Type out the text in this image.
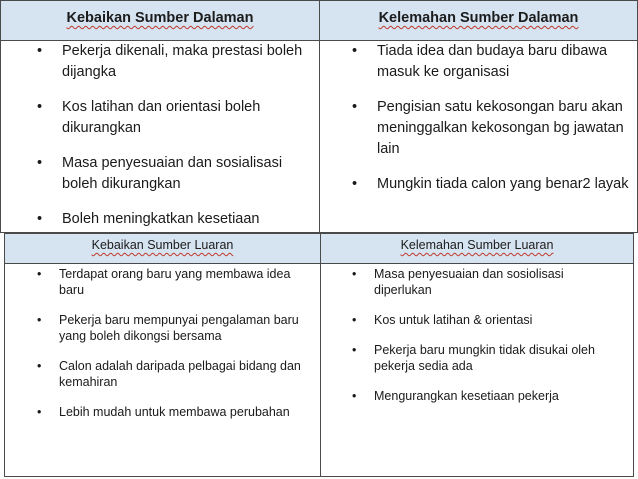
Kebaikan Sumber Dalaman	Kelemahan Sumber Dalaman
• Pekerja dikenali, maka prestasi boleh dijangka
• Kos latihan dan orientasi boleh dikurangkan
• Masa penyesuaian dan sosialisasi boleh dikurangkan
• Boleh meningkatkan kesetiaan
• Tiada idea dan budaya baru dibawa masuk ke organisasi
• Pengisian satu kekosongan baru akan meninggalkan kekosongan bg jawatan lain
• Mungkin tiada calon yang benar2 layak
Kebaikan Sumber Luaran	Kelemahan Sumber Luaran
• Terdapat orang baru yang membawa idea baru
• Pekerja baru mempunyai pengalaman baru yang boleh dikongsi bersama
• Calon adalah daripada pelbagai bidang dan kemahiran
• Lebih mudah untuk membawa perubahan
• Masa penyesuaian dan sosiolisasi diperlukan
• Kos untuk latihan & orientasi
• Pekerja baru mungkin tidak disukai oleh pekerja sedia ada
• Mengurangkan kesetiaan pekerja
